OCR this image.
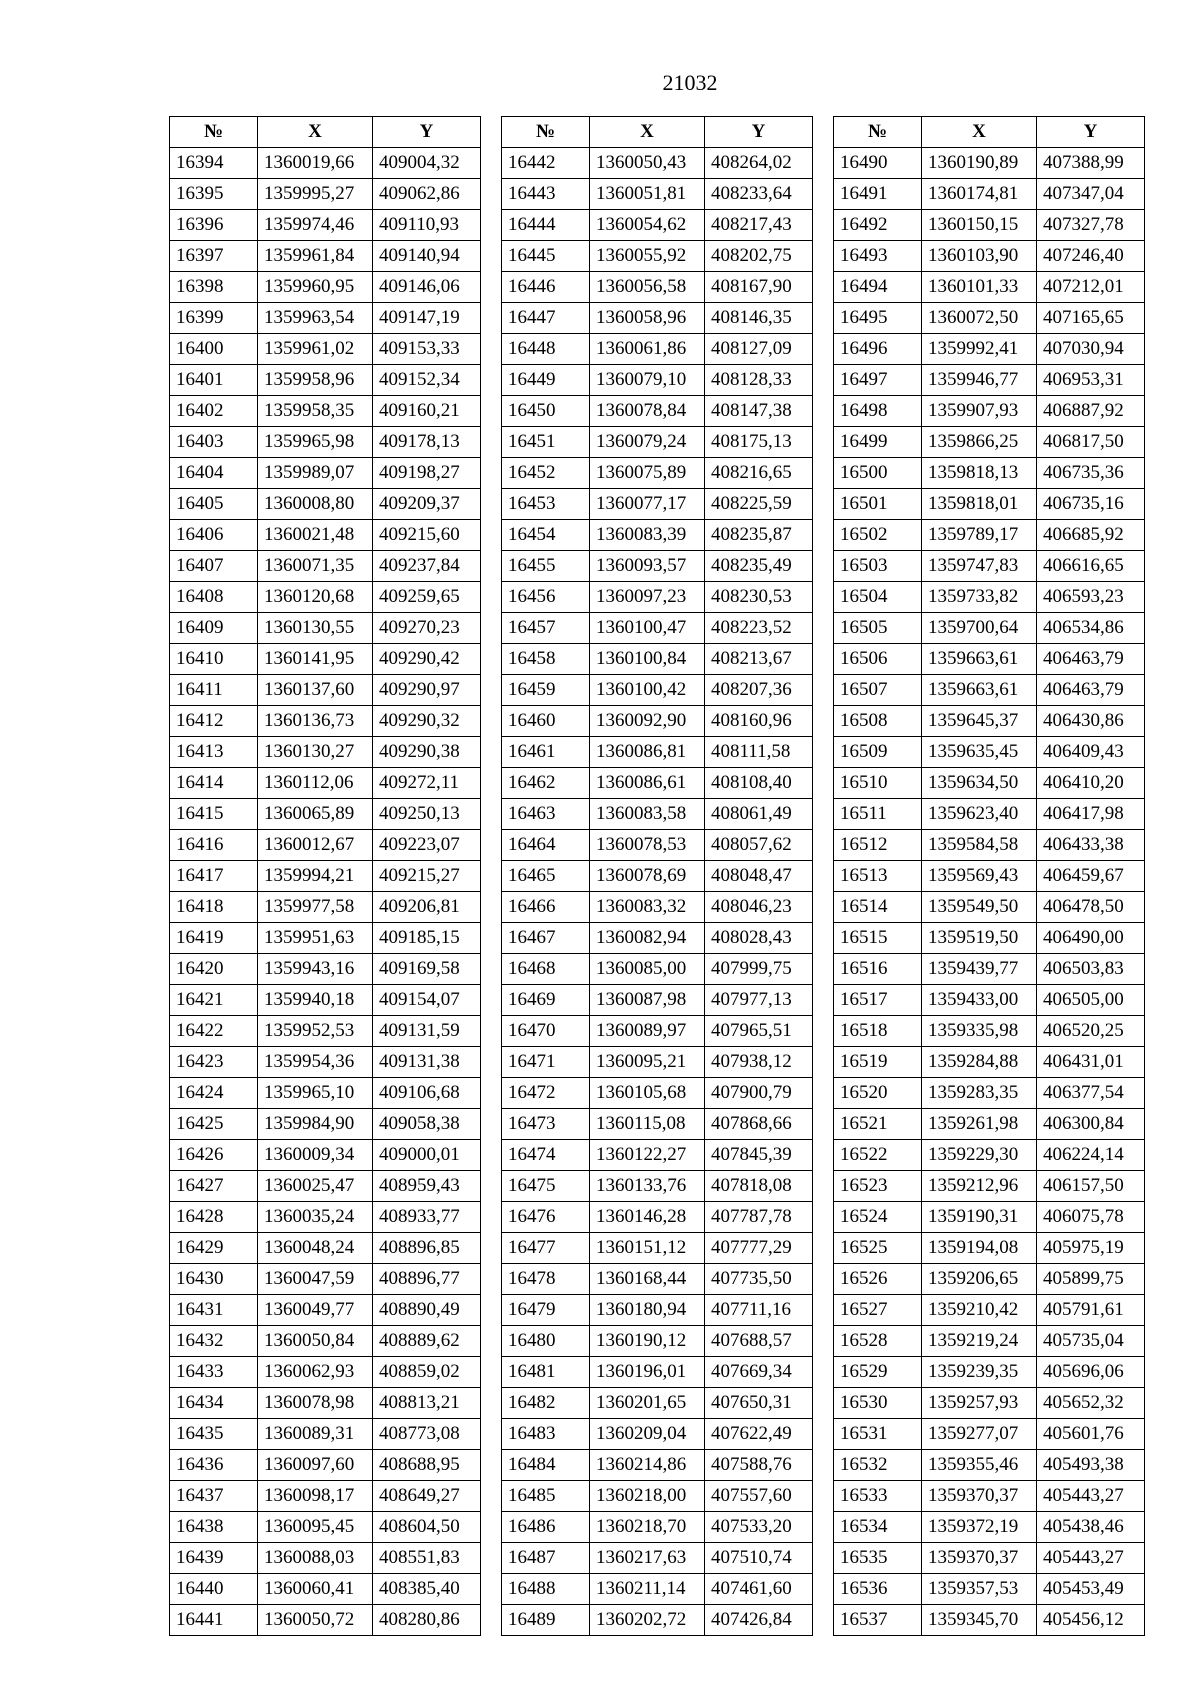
21032
№	X	Y
16394	1360019,66	409004,32
16395	1359995,27	409062,86
16396	1359974,46	409110,93
16397	1359961,84	409140,94
16398	1359960,95	409146,06
16399	1359963,54	409147,19
16400	1359961,02	409153,33
16401	1359958,96	409152,34
16402	1359958,35	409160,21
16403	1359965,98	409178,13
16404	1359989,07	409198,27
16405	1360008,80	409209,37
16406	1360021,48	409215,60
16407	1360071,35	409237,84
16408	1360120,68	409259,65
16409	1360130,55	409270,23
16410	1360141,95	409290,42
16411	1360137,60	409290,97
16412	1360136,73	409290,32
16413	1360130,27	409290,38
16414	1360112,06	409272,11
16415	1360065,89	409250,13
16416	1360012,67	409223,07
16417	1359994,21	409215,27
16418	1359977,58	409206,81
16419	1359951,63	409185,15
16420	1359943,16	409169,58
16421	1359940,18	409154,07
16422	1359952,53	409131,59
16423	1359954,36	409131,38
16424	1359965,10	409106,68
16425	1359984,90	409058,38
16426	1360009,34	409000,01
16427	1360025,47	408959,43
16428	1360035,24	408933,77
16429	1360048,24	408896,85
16430	1360047,59	408896,77
16431	1360049,77	408890,49
16432	1360050,84	408889,62
16433	1360062,93	408859,02
16434	1360078,98	408813,21
16435	1360089,31	408773,08
16436	1360097,60	408688,95
16437	1360098,17	408649,27
16438	1360095,45	408604,50
16439	1360088,03	408551,83
16440	1360060,41	408385,40
16441	1360050,72	408280,86
№	X	Y
16442	1360050,43	408264,02
16443	1360051,81	408233,64
16444	1360054,62	408217,43
16445	1360055,92	408202,75
16446	1360056,58	408167,90
16447	1360058,96	408146,35
16448	1360061,86	408127,09
16449	1360079,10	408128,33
16450	1360078,84	408147,38
16451	1360079,24	408175,13
16452	1360075,89	408216,65
16453	1360077,17	408225,59
16454	1360083,39	408235,87
16455	1360093,57	408235,49
16456	1360097,23	408230,53
16457	1360100,47	408223,52
16458	1360100,84	408213,67
16459	1360100,42	408207,36
16460	1360092,90	408160,96
16461	1360086,81	408111,58
16462	1360086,61	408108,40
16463	1360083,58	408061,49
16464	1360078,53	408057,62
16465	1360078,69	408048,47
16466	1360083,32	408046,23
16467	1360082,94	408028,43
16468	1360085,00	407999,75
16469	1360087,98	407977,13
16470	1360089,97	407965,51
16471	1360095,21	407938,12
16472	1360105,68	407900,79
16473	1360115,08	407868,66
16474	1360122,27	407845,39
16475	1360133,76	407818,08
16476	1360146,28	407787,78
16477	1360151,12	407777,29
16478	1360168,44	407735,50
16479	1360180,94	407711,16
16480	1360190,12	407688,57
16481	1360196,01	407669,34
16482	1360201,65	407650,31
16483	1360209,04	407622,49
16484	1360214,86	407588,76
16485	1360218,00	407557,60
16486	1360218,70	407533,20
16487	1360217,63	407510,74
16488	1360211,14	407461,60
16489	1360202,72	407426,84
№	X	Y
16490	1360190,89	407388,99
16491	1360174,81	407347,04
16492	1360150,15	407327,78
16493	1360103,90	407246,40
16494	1360101,33	407212,01
16495	1360072,50	407165,65
16496	1359992,41	407030,94
16497	1359946,77	406953,31
16498	1359907,93	406887,92
16499	1359866,25	406817,50
16500	1359818,13	406735,36
16501	1359818,01	406735,16
16502	1359789,17	406685,92
16503	1359747,83	406616,65
16504	1359733,82	406593,23
16505	1359700,64	406534,86
16506	1359663,61	406463,79
16507	1359663,61	406463,79
16508	1359645,37	406430,86
16509	1359635,45	406409,43
16510	1359634,50	406410,20
16511	1359623,40	406417,98
16512	1359584,58	406433,38
16513	1359569,43	406459,67
16514	1359549,50	406478,50
16515	1359519,50	406490,00
16516	1359439,77	406503,83
16517	1359433,00	406505,00
16518	1359335,98	406520,25
16519	1359284,88	406431,01
16520	1359283,35	406377,54
16521	1359261,98	406300,84
16522	1359229,30	406224,14
16523	1359212,96	406157,50
16524	1359190,31	406075,78
16525	1359194,08	405975,19
16526	1359206,65	405899,75
16527	1359210,42	405791,61
16528	1359219,24	405735,04
16529	1359239,35	405696,06
16530	1359257,93	405652,32
16531	1359277,07	405601,76
16532	1359355,46	405493,38
16533	1359370,37	405443,27
16534	1359372,19	405438,46
16535	1359370,37	405443,27
16536	1359357,53	405453,49
16537	1359345,70	405456,12
